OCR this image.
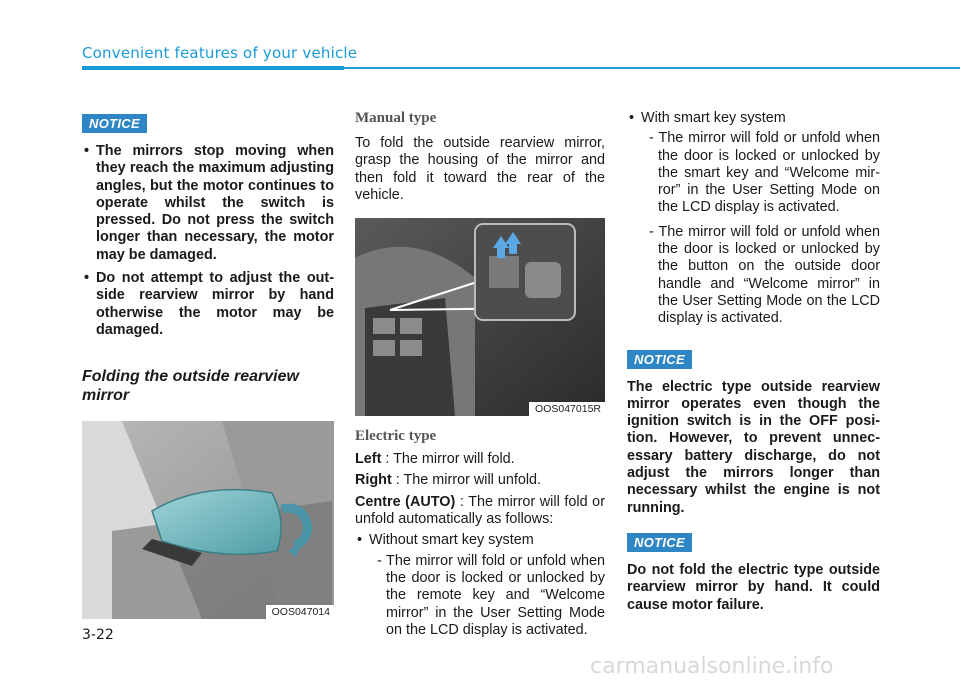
Convenient features of your vehicle
NOTICE
• The mirrors stop moving when they reach the maximum adjusting angles, but the motor continues to operate whilst the switch is pressed. Do not press the switch longer than necessary, the motor may be damaged.
• Do not attempt to adjust the outside rearview mirror by hand otherwise the motor may be damaged.
Folding the outside rearview mirror
OOS047014
Manual type
To fold the outside rearview mirror, grasp the housing of the mirror and then fold it toward the rear of the vehicle.
OOS047015R
Electric type
Left : The mirror will fold.
Right : The mirror will unfold.
Centre (AUTO) : The mirror will fold or unfold automatically as follows:
• Without smart key system
- The mirror will fold or unfold when the door is locked or unlocked by the remote key and “Welcome mirror” in the User Setting Mode on the LCD display is activated.
• With smart key system
- The mirror will fold or unfold when the door is locked or unlocked by the smart key and “Welcome mirror” in the User Setting Mode on the LCD display is activated.
- The mirror will fold or unfold when the door is locked or unlocked by the button on the outside door handle and “Welcome mirror” in the User Setting Mode on the LCD display is activated.
NOTICE
The electric type outside rearview mirror operates even though the ignition switch is in the OFF position. However, to prevent unnecessary battery discharge, do not adjust the mirrors longer than necessary whilst the engine is not running.
NOTICE
Do not fold the electric type outside rearview mirror by hand. It could cause motor failure.
3-22
carmanualsonline.info
